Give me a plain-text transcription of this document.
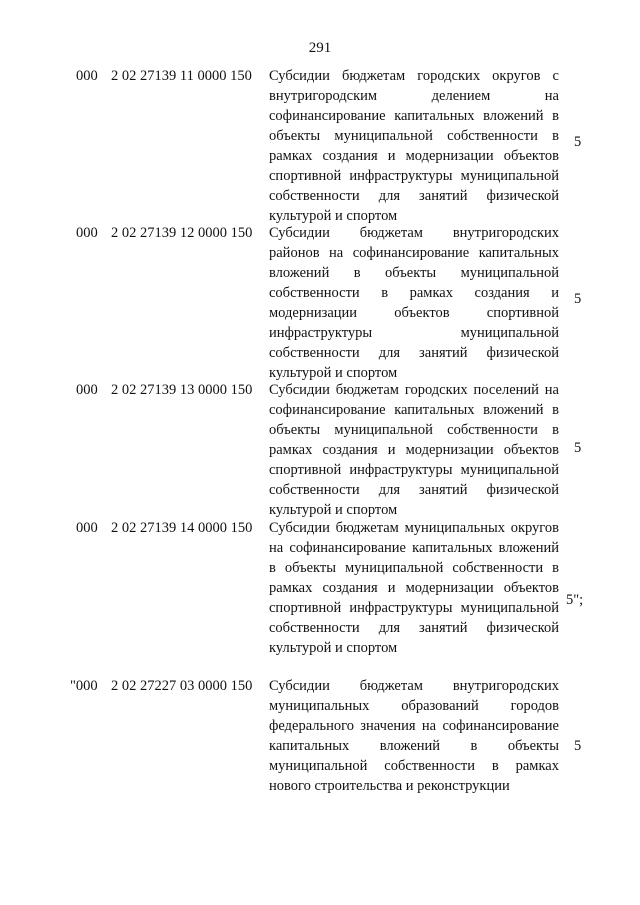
291
000 2 02 27139 11 0000 150 Субсидии бюджетам городских округов с внутригородским делением на софинансирование капитальных вложений в объекты муниципальной собственности в рамках создания и модернизации объектов спортивной инфраструктуры муниципальной собственности для занятий физической культурой и спортом
5
000 2 02 27139 12 0000 150 Субсидии бюджетам внутригородских районов на софинансирование капитальных вложений в объекты муниципальной собственности в рамках создания и модернизации объектов спортивной инфраструктуры муниципальной собственности для занятий физической культурой и спортом
5
000 2 02 27139 13 0000 150 Субсидии бюджетам городских поселений на софинансирование капитальных вложений в объекты муниципальной собственности в рамках создания и модернизации объектов спортивной инфраструктуры муниципальной собственности для занятий физической культурой и спортом
5
000 2 02 27139 14 0000 150 Субсидии бюджетам муниципальных округов на софинансирование капитальных вложений в объекты муниципальной собственности в рамках создания и модернизации объектов спортивной инфраструктуры муниципальной собственности для занятий физической культурой и спортом
5";
"000 2 02 27227 03 0000 150 Субсидии бюджетам внутригородских муниципальных образований городов федерального значения на софинансирование капитальных вложений в объекты муниципальной собственности в рамках нового строительства и реконструкции
5
